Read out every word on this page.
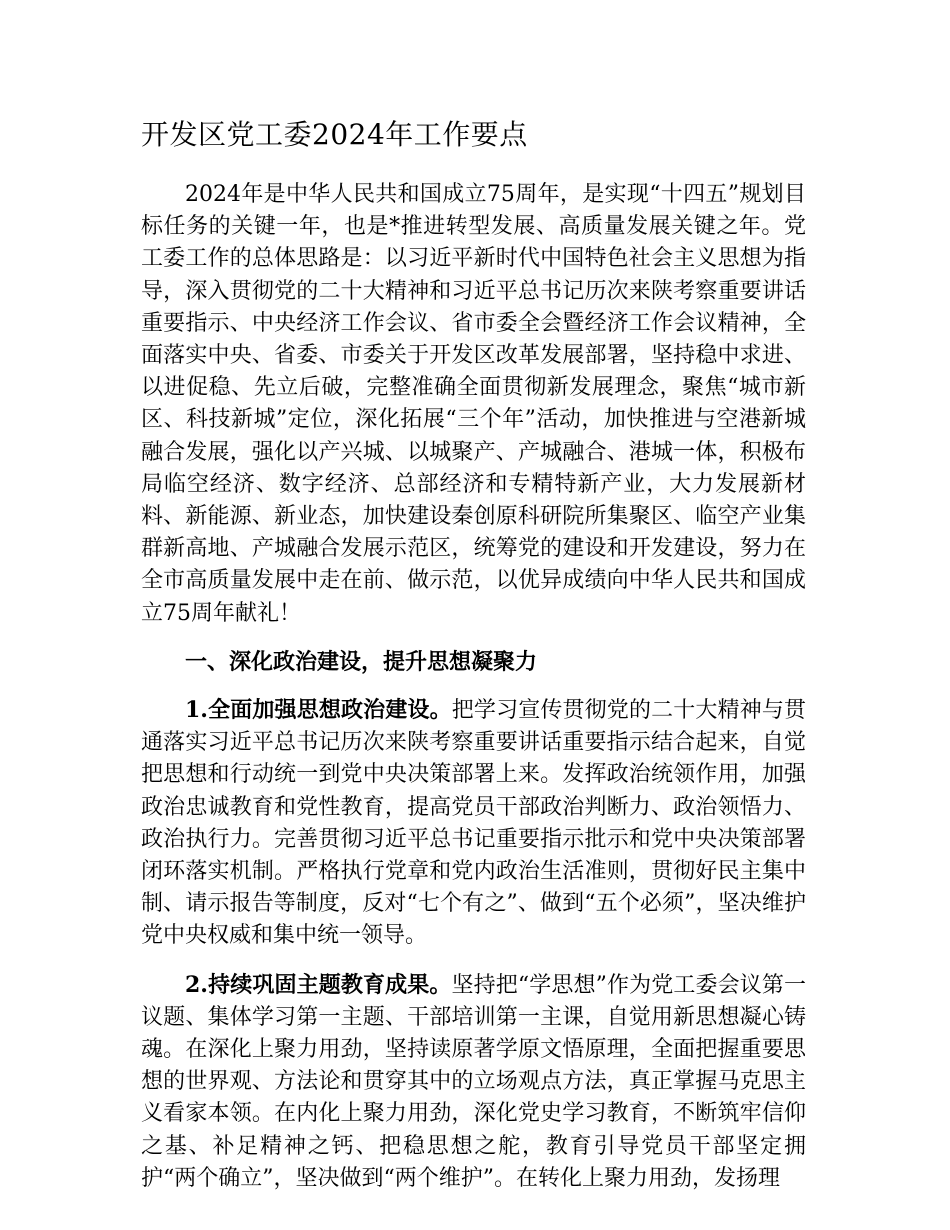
开发区党工委2024年工作要点

2024年是中华人民共和国成立75周年，是实现“十四五”规划目标任务的关键一年，也是*推进转型发展、高质量发展关键之年。党工委工作的总体思路是：以习近平新时代中国特色社会主义思想为指导，深入贯彻党的二十大精神和习近平总书记历次来陕考察重要讲话重要指示、中央经济工作会议、省市委全会暨经济工作会议精神，全面落实中央、省委、市委关于开发区改革发展部署，坚持稳中求进、以进促稳、先立后破，完整准确全面贯彻新发展理念，聚焦“城市新区、科技新城”定位，深化拓展“三个年”活动，加快推进与空港新城融合发展，强化以产兴城、以城聚产、产城融合、港城一体，积极布局临空经济、数字经济、总部经济和专精特新产业，大力发展新材料、新能源、新业态，加快建设秦创原科研院所集聚区、临空产业集群新高地、产城融合发展示范区，统筹党的建设和开发建设，努力在全市高质量发展中走在前、做示范，以优异成绩向中华人民共和国成立75周年献礼！

一、深化政治建设，提升思想凝聚力

1.全面加强思想政治建设。把学习宣传贯彻党的二十大精神与贯通落实习近平总书记历次来陕考察重要讲话重要指示结合起来，自觉把思想和行动统一到党中央决策部署上来。发挥政治统领作用，加强政治忠诚教育和党性教育，提高党员干部政治判断力、政治领悟力、政治执行力。完善贯彻习近平总书记重要指示批示和党中央决策部署闭环落实机制。严格执行党章和党内政治生活准则，贯彻好民主集中制、请示报告等制度，反对“七个有之”、做到“五个必须”，坚决维护党中央权威和集中统一领导。

2.持续巩固主题教育成果。坚持把“学思想”作为党工委会议第一议题、集体学习第一主题、干部培训第一主课，自觉用新思想凝心铸魂。在深化上聚力用劲，坚持读原著学原文悟原理，全面把握重要思想的世界观、方法论和贯穿其中的立场观点方法，真正掌握马克思主义看家本领。在内化上聚力用劲，深化党史学习教育，不断筑牢信仰之基、补足精神之钙、把稳思想之舵，教育引导党员干部坚定拥护“两个确立”，坚决做到“两个维护”。在转化上聚力用劲，发扬理
